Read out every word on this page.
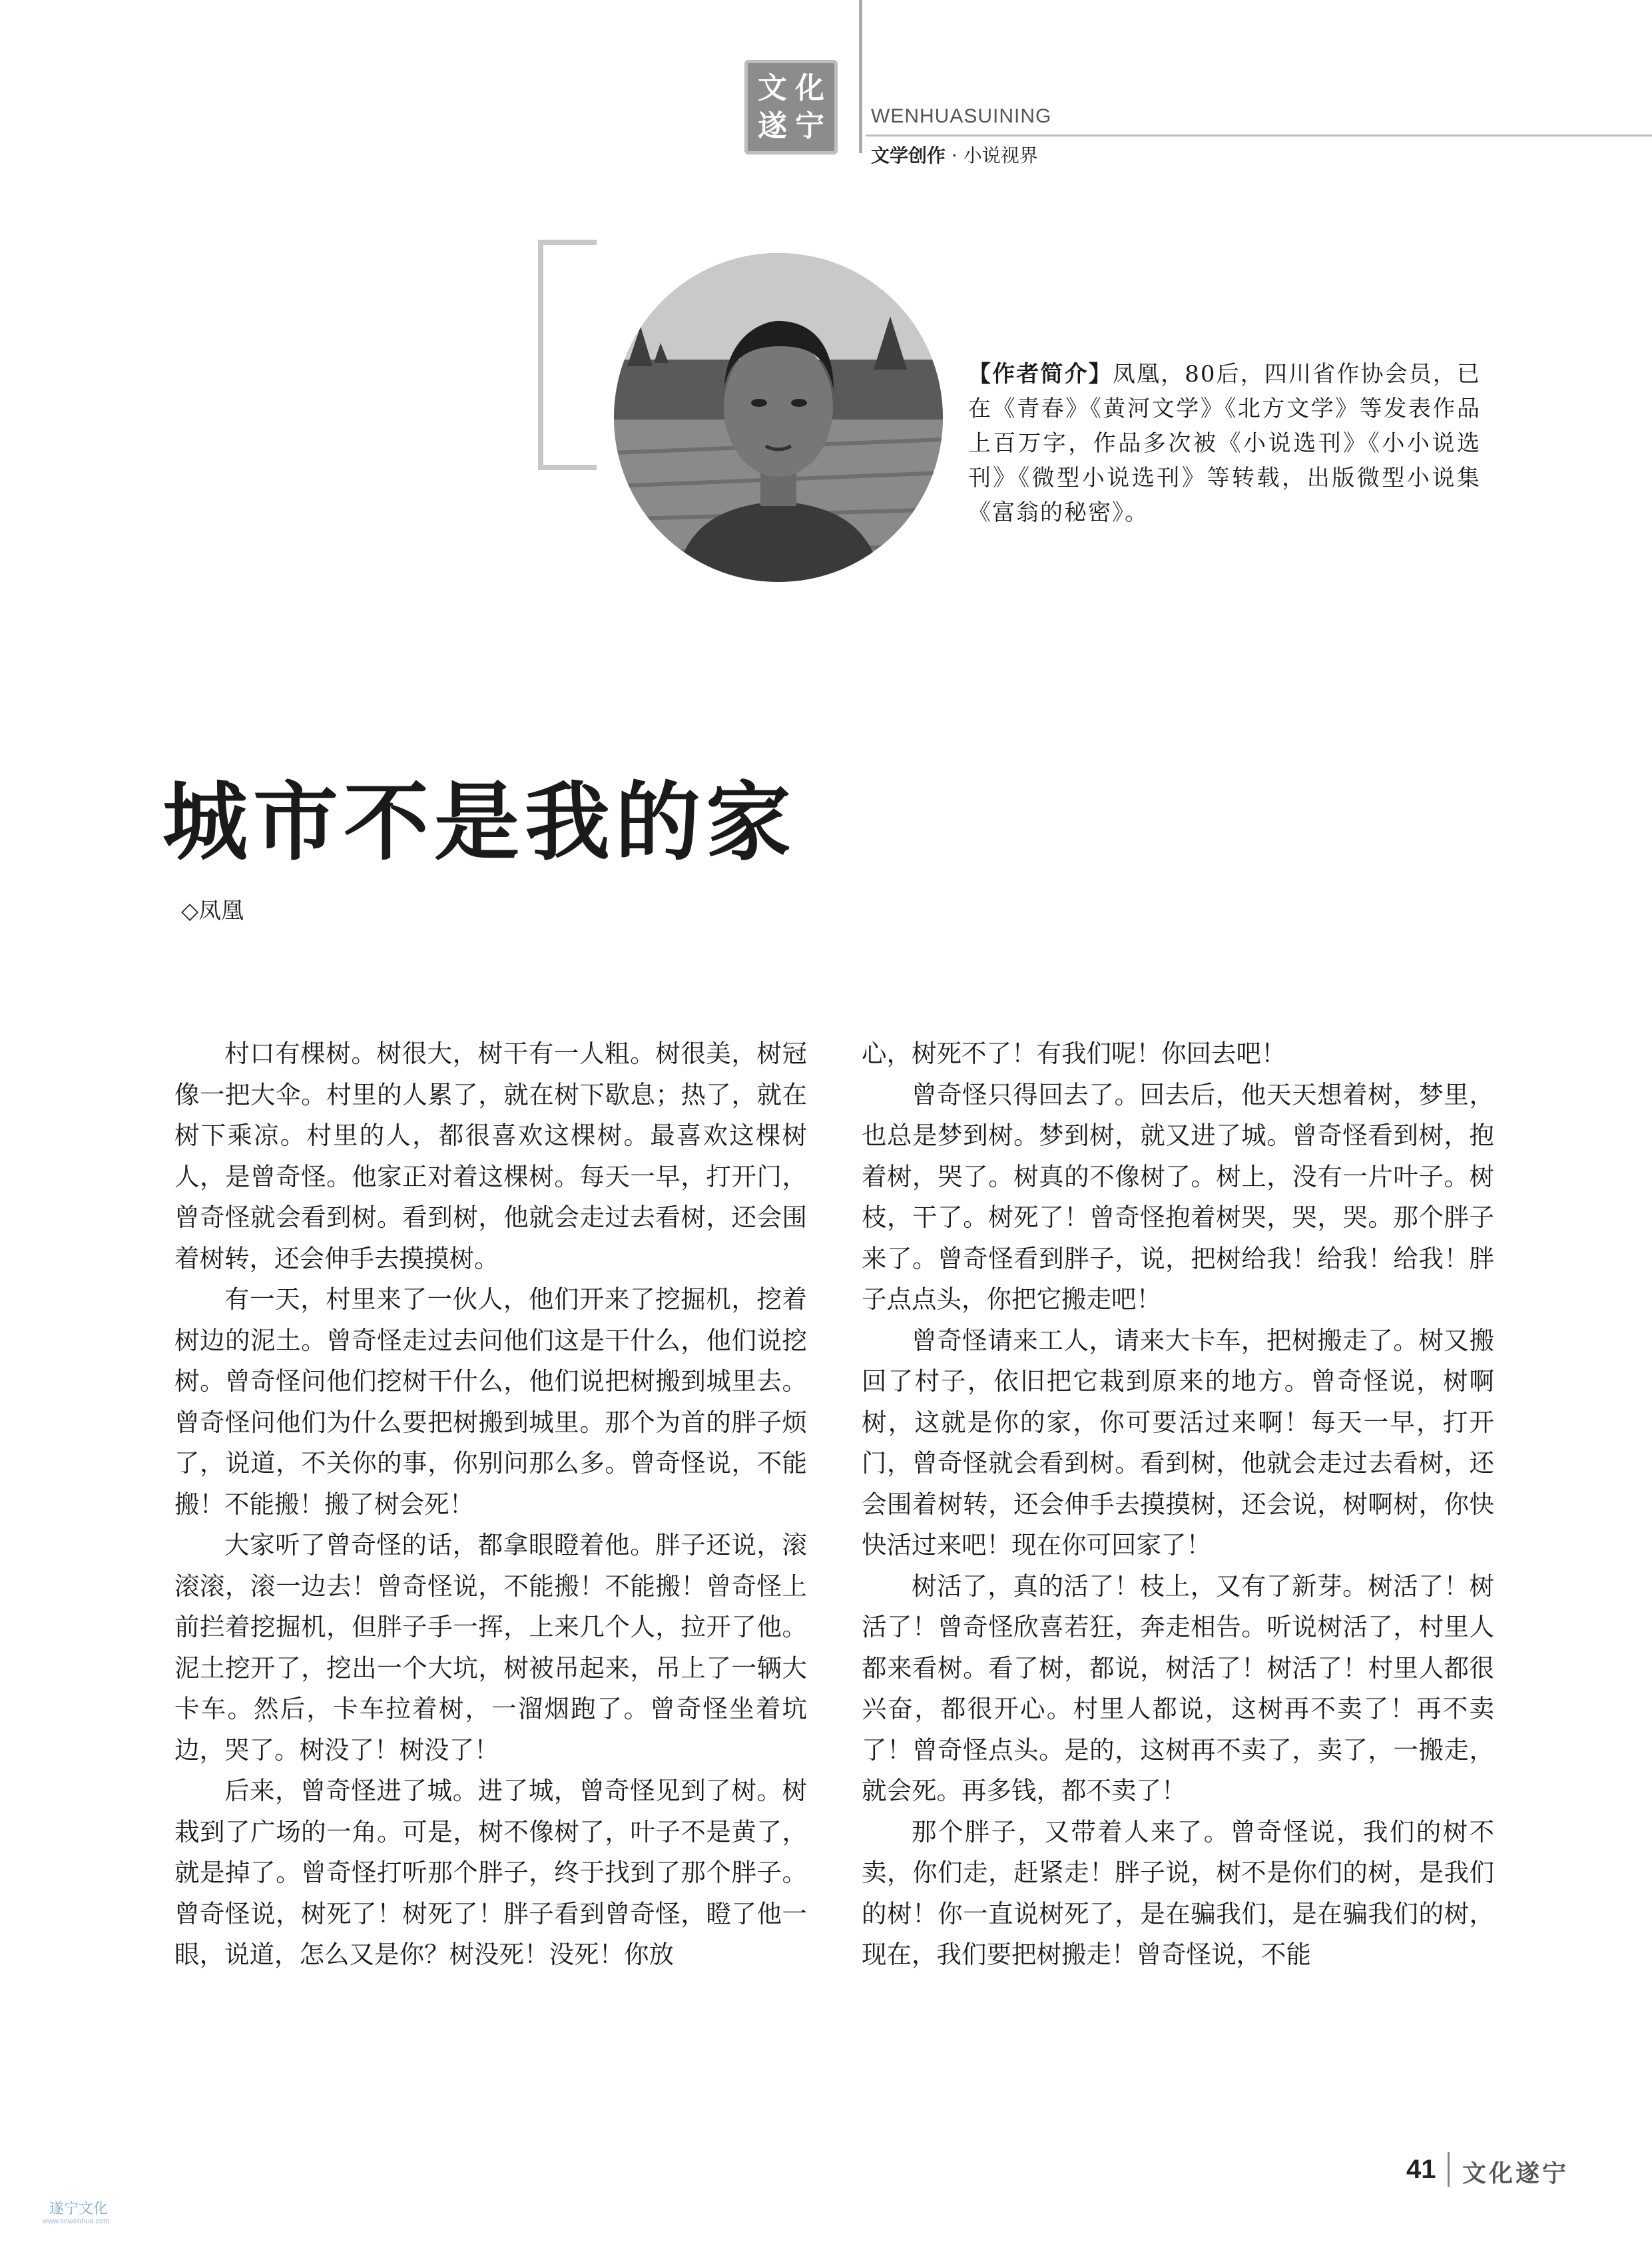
文 化
遂 宁 WENHUASUINING
文学创作 · 小说视界
【作者简介】凤凰，80后，四川省作协会员，已在《青春》《黄河文学》《北方文学》等发表作品上百万字，作品多次被《小说选刊》《小小说选刊》《微型小说选刊》等转载，出版微型小说集《富翁的秘密》。
城市不是我的家
◇凤凰

村口有棵树。树很大，树干有一人粗。树很美，树冠像一把大伞。村里的人累了，就在树下歇息；热了，就在树下乘凉。村里的人，都很喜欢这棵树。最喜欢这棵树人，是曾奇怪。他家正对着这棵树。每天一早，打开门，曾奇怪就会看到树。看到树，他就会走过去看树，还会围着树转，还会伸手去摸摸树。

有一天，村里来了一伙人，他们开来了挖掘机，挖着树边的泥土。曾奇怪走过去问他们这是干什么，他们说挖树。曾奇怪问他们挖树干什么，他们说把树搬到城里去。曾奇怪问他们为什么要把树搬到城里。那个为首的胖子烦了，说道，不关你的事，你别问那么多。曾奇怪说，不能搬！不能搬！搬了树会死！

大家听了曾奇怪的话，都拿眼瞪着他。胖子还说，滚滚滚，滚一边去！曾奇怪说，不能搬！不能搬！曾奇怪上前拦着挖掘机，但胖子手一挥，上来几个人，拉开了他。泥土挖开了，挖出一个大坑，树被吊起来，吊上了一辆大卡车。然后，卡车拉着树，一溜烟跑了。曾奇怪坐着坑边，哭了。树没了！树没了！

后来，曾奇怪进了城。进了城，曾奇怪见到了树。树栽到了广场的一角。可是，树不像树了，叶子不是黄了，就是掉了。曾奇怪打听那个胖子，终于找到了那个胖子。曾奇怪说，树死了！树死了！胖子看到曾奇怪，瞪了他一眼，说道，怎么又是你？树没死！没死！你放

心，树死不了！有我们呢！你回去吧！

曾奇怪只得回去了。回去后，他天天想着树，梦里，也总是梦到树。梦到树，就又进了城。曾奇怪看到树，抱着树，哭了。树真的不像树了。树上，没有一片叶子。树枝，干了。树死了！曾奇怪抱着树哭，哭，哭。那个胖子来了。曾奇怪看到胖子，说，把树给我！给我！给我！胖子点点头，你把它搬走吧！

曾奇怪请来工人，请来大卡车，把树搬走了。树又搬回了村子，依旧把它栽到原来的地方。曾奇怪说，树啊树，这就是你的家，你可要活过来啊！每天一早，打开门，曾奇怪就会看到树。看到树，他就会走过去看树，还会围着树转，还会伸手去摸摸树，还会说，树啊树，你快快活过来吧！现在你可回家了！

树活了，真的活了！枝上，又有了新芽。树活了！树活了！曾奇怪欣喜若狂，奔走相告。听说树活了，村里人都来看树。看了树，都说，树活了！树活了！村里人都很兴奋，都很开心。村里人都说，这树再不卖了！再不卖了！曾奇怪点头。是的，这树再不卖了，卖了，一搬走，就会死。再多钱，都不卖了！

那个胖子，又带着人来了。曾奇怪说，我们的树不卖，你们走，赶紧走！胖子说，树不是你们的树，是我们的树！你一直说树死了，是在骗我们，是在骗我们的树，现在，我们要把树搬走！曾奇怪说，不能

41 文化遂宁
遂宁文化
www.snwenhua.com
